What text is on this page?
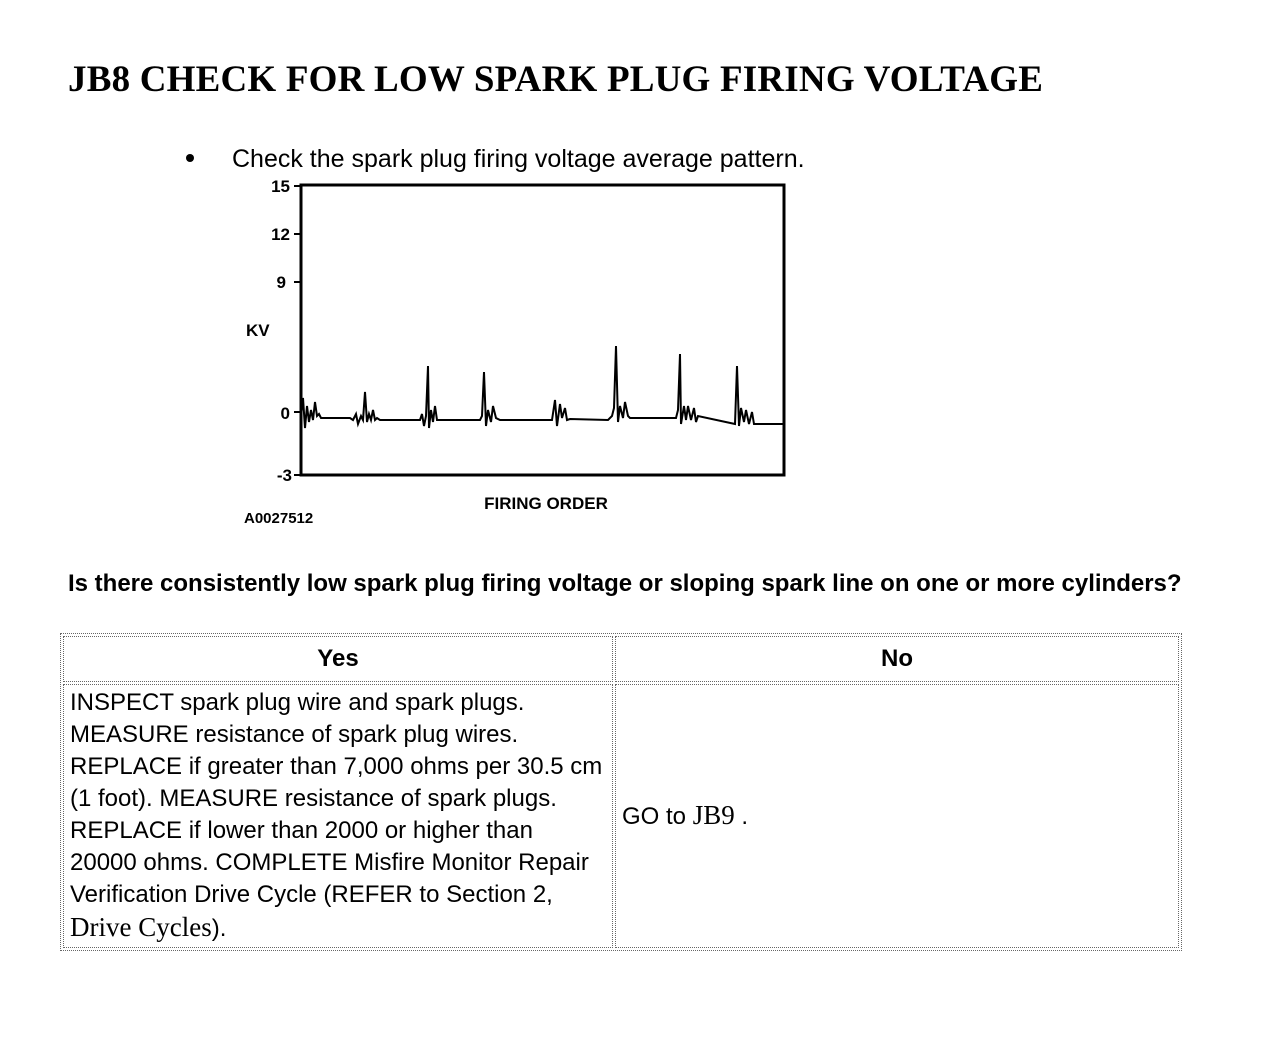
JB8 CHECK FOR LOW SPARK PLUG FIRING VOLTAGE
Check the spark plug firing voltage average pattern.
15
12
9
0
-3
KV
FIRING ORDER
A0027512

Is there consistently low spark plug firing voltage or sloping spark line on one or more cylinders?

Yes	No
INSPECT spark plug wire and spark plugs. MEASURE resistance of spark plug wires. REPLACE if greater than 7,000 ohms per 30.5 cm (1 foot). MEASURE resistance of spark plugs. REPLACE if lower than 2000 or higher than 20000 ohms. COMPLETE Misfire Monitor Repair Verification Drive Cycle (REFER to Section 2, Drive Cycles).	GO to JB9 .
